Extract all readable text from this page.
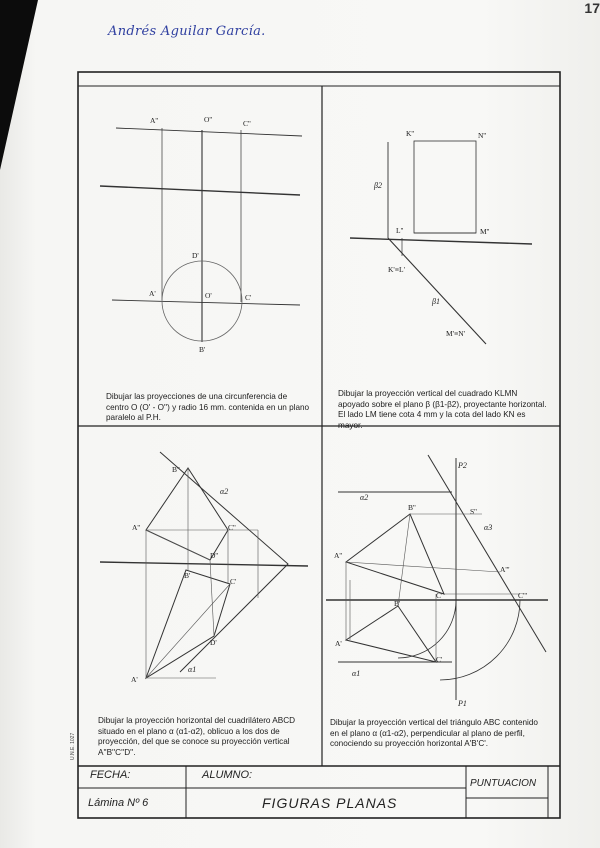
17
Andrés Aguilar García.
A''	O''	C''
D'
A'	O'	C'
B'
K''	N''
β2
L''	M''
K'≡L'
β1
M'≡N'
B''
α2
A''	C''
D''
B'
C'
D'
α1
A'
P2
α2
B''	S''
α3
A''
A'''
C'	C'''
B'
A'
C'
α1
P1
Dibujar las proyecciones de una circunferencia de centro O (O' - O'') y radio 16 mm. contenida en un plano paralelo al P.H.
Dibujar la proyección vertical del cuadrado KLMN apoyado sobre el plano β (β1-β2), proyectante horizontal. El lado LM tiene cota 4 mm y la cota del lado KN es mayor.
Dibujar la proyección horizontal del cuadrilátero ABCD situado en el plano α (α1-α2), oblicuo a los dos de proyección, del que se conoce su proyección vertical A''B''C''D''.
Dibujar la proyección vertical del triángulo ABC contenido en el plano α (α1-α2), perpendicular al plano de perfil, conociendo su proyección horizontal A'B'C'.
FECHA:	ALUMNO:
PUNTUACION
Lámina Nº 6	FIGURAS PLANAS
U.N.E. 1027
